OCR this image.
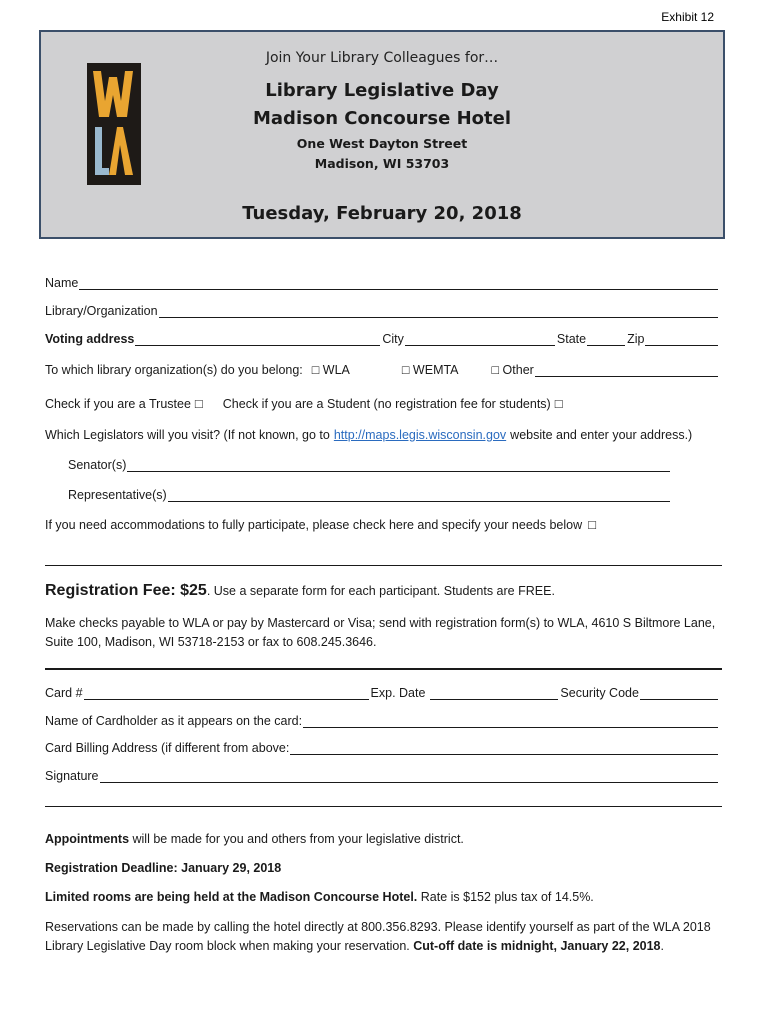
Exhibit 12
Join Your Library Colleagues for…
Library Legislative Day
Madison Concourse Hotel
One West Dayton Street
Madison, WI 53703
Tuesday, February 20, 2018
Name
Library/Organization
Voting address	City	State	Zip
To which library organization(s) do you belong: □ WLA	□ WEMTA	□ Other
Check if you are a Trustee □ Check if you are a Student (no registration fee for students) □
Which Legislators will you visit? (If not known, go to http://maps.legis.wisconsin.gov website and enter your address.)
Senator(s)
Representative(s)
If you need accommodations to fully participate, please check here and specify your needs below □
Registration Fee: $25. Use a separate form for each participant. Students are FREE.
Make checks payable to WLA or pay by Mastercard or Visa; send with registration form(s) to WLA, 4610 S Biltmore Lane,
Suite 100, Madison, WI 53718-2153 or fax to 608.245.3646.
Card #	Exp. Date	Security Code
Name of Cardholder as it appears on the card:
Card Billing Address (if different from above:
Signature
Appointments will be made for you and others from your legislative district.
Registration Deadline: January 29, 2018
Limited rooms are being held at the Madison Concourse Hotel. Rate is $152 plus tax of 14.5%.
Reservations can be made by calling the hotel directly at 800.356.8293. Please identify yourself as part of the WLA 2018
Library Legislative Day room block when making your reservation. Cut-off date is midnight, January 22, 2018.
